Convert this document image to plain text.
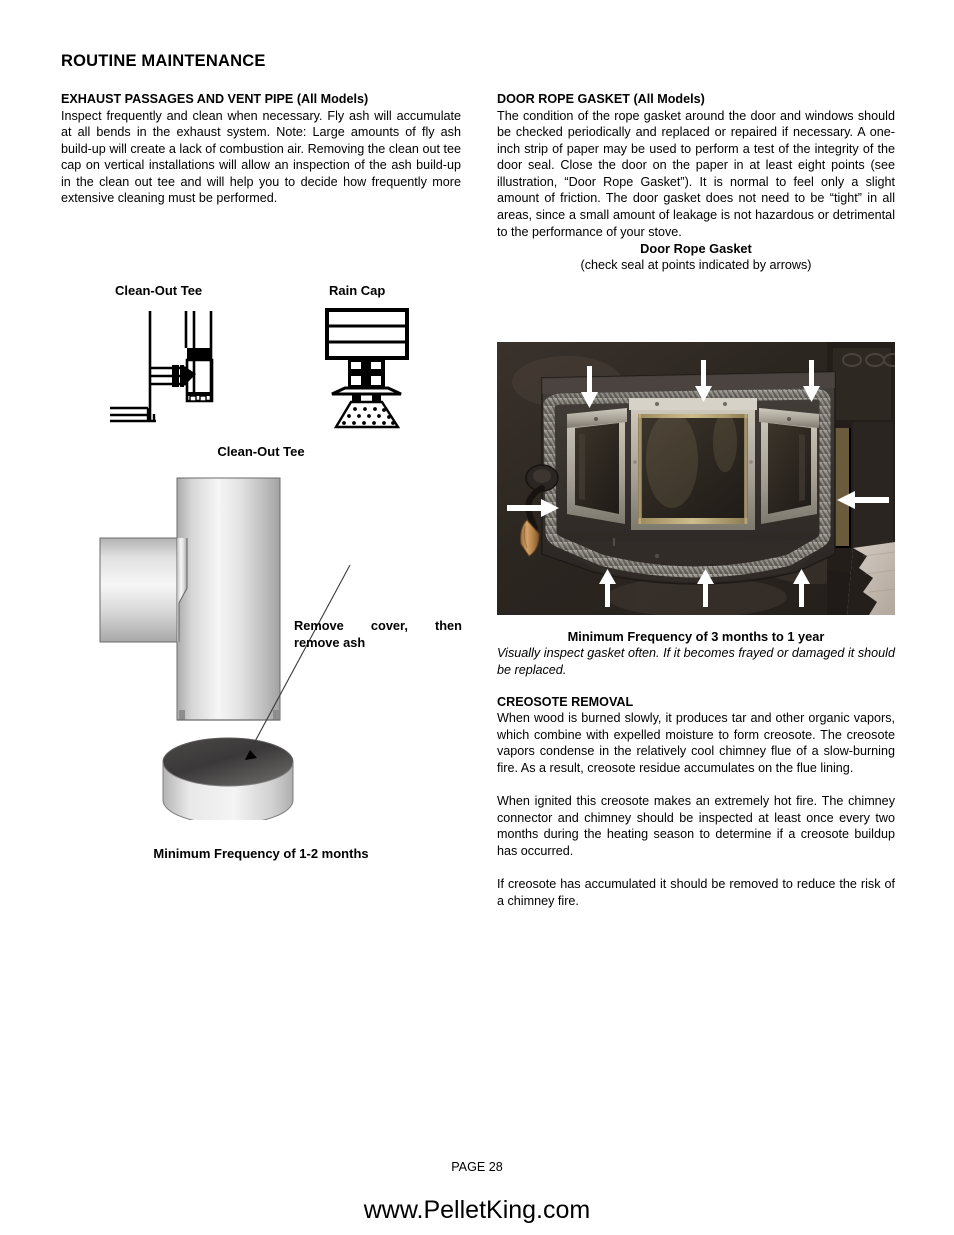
ROUTINE MAINTENANCE

EXHAUST PASSAGES AND VENT PIPE (All Models)

Inspect frequently and clean when necessary. Fly ash will accumulate at all bends in the exhaust system. Note: Large amounts of fly ash build-up will create a lack of combustion air. Removing the clean out tee cap on vertical installations will allow an inspection of the ash build-up in the clean out tee and will help you to decide how frequently more extensive cleaning must be performed.

Clean-Out Tee	Rain Cap
Clean-Out Tee
Remove cover, then remove ash
Minimum Frequency of 1-2 months

DOOR ROPE GASKET (All Models)

The condition of the rope gasket around the door and windows should be checked periodically and replaced or repaired if necessary. A one-inch strip of paper may be used to perform a test of the integrity of the door seal. Close the door on the paper in at least eight points (see illustration, “Door Rope Gasket”). It is normal to feel only a slight amount of friction. The door gasket does not need to be “tight” in all areas, since a small amount of leakage is not hazardous or detrimental to the performance of your stove.

Door Rope Gasket
(check seal at points indicated by arrows)
Minimum Frequency of 3 months to 1 year

Visually inspect gasket often. If it becomes frayed or damaged it should be replaced.

CREOSOTE REMOVAL

When wood is burned slowly, it produces tar and other organic vapors, which combine with expelled moisture to form creosote. The creosote vapors condense in the relatively cool chimney flue of a slow-burning fire. As a result, creosote residue accumulates on the flue lining.

When ignited this creosote makes an extremely hot fire. The chimney connector and chimney should be inspected at least once every two months during the heating season to determine if a creosote buildup has occurred.

If creosote has accumulated it should be removed to reduce the risk of a chimney fire.

PAGE 28
www.PelletKing.com
